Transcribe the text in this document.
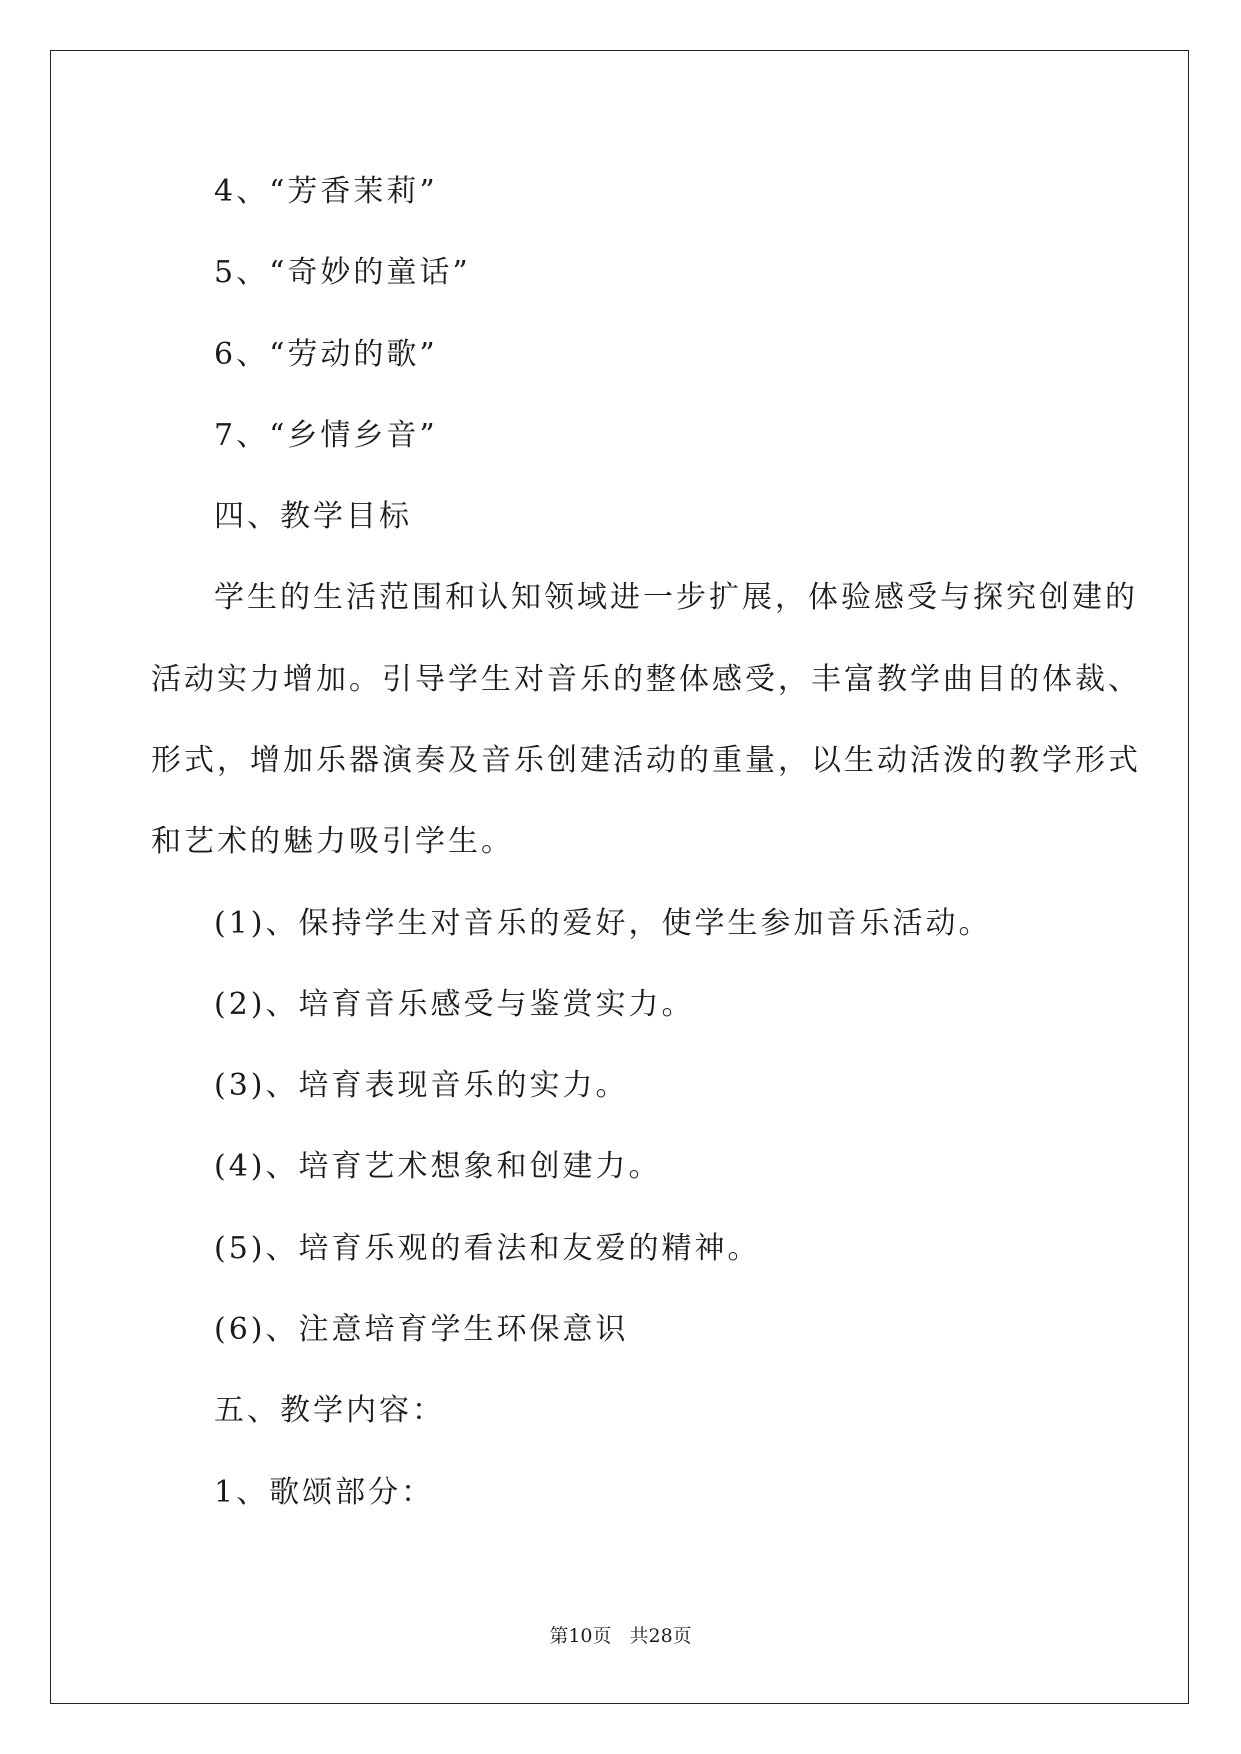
4、“芳香茉莉”
5、“奇妙的童话”
6、“劳动的歌”
7、“乡情乡音”
四、教学目标
学生的生活范围和认知领域进一步扩展，体验感受与探究创建的
活动实力增加。引导学生对音乐的整体感受，丰富教学曲目的体裁、
形式，增加乐器演奏及音乐创建活动的重量，以生动活泼的教学形式
和艺术的魅力吸引学生。
(1)、保持学生对音乐的爱好，使学生参加音乐活动。
(2)、培育音乐感受与鉴赏实力。
(3)、培育表现音乐的实力。
(4)、培育艺术想象和创建力。
(5)、培育乐观的看法和友爱的精神。
(6)、注意培育学生环保意识
五、教学内容：
1、歌颂部分：
第10页 共28页
